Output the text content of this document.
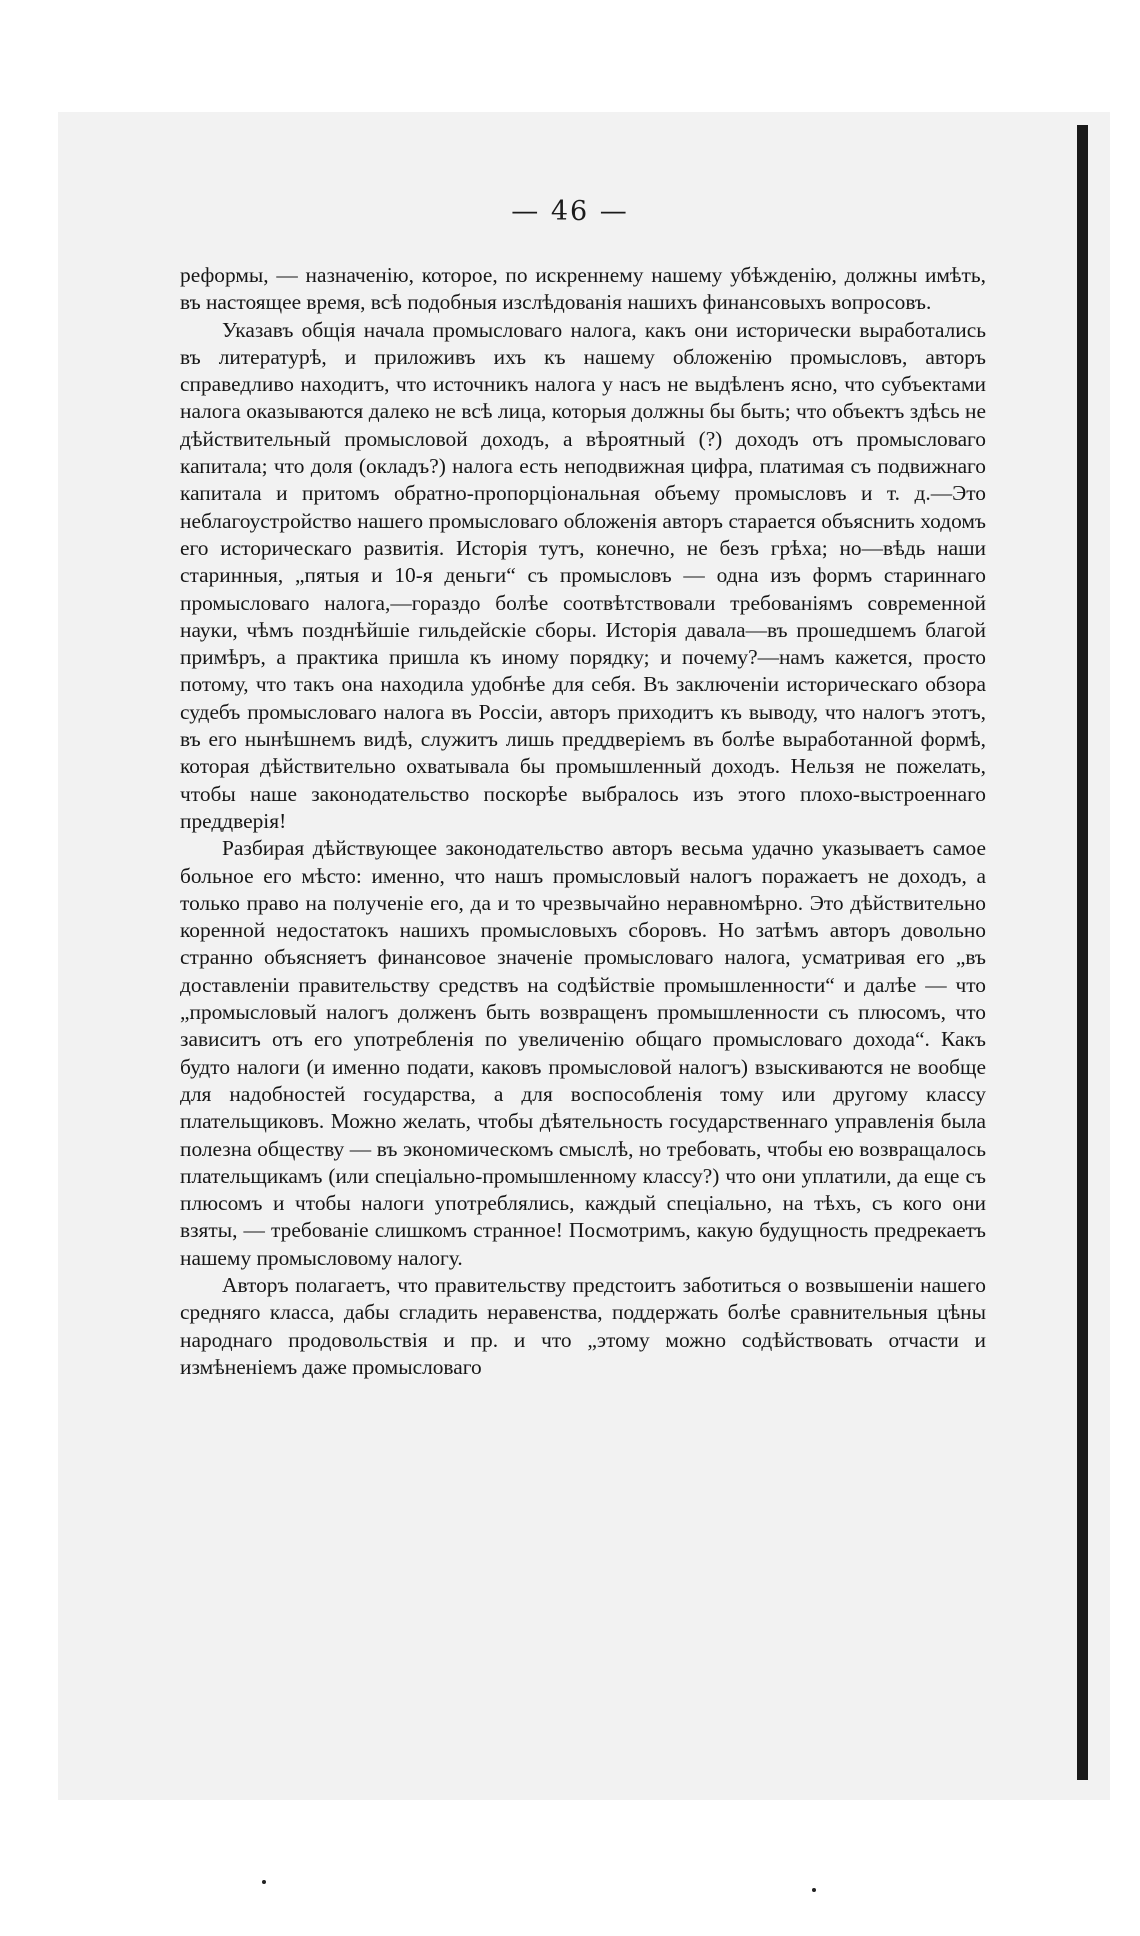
— 46 —

реформы, — назначенію, которое, по искреннему нашему убѣжденію, должны имѣть, въ настоящее время, всѣ подобныя изслѣдованія нашихъ финансовыхъ вопросовъ.

Указавъ общія начала промысловаго налога, какъ они исторически выработались въ литературѣ, и приложивъ ихъ къ нашему обложенію промысловъ, авторъ справедливо находитъ, что источникъ налога у насъ не выдѣленъ ясно, что субъектами налога оказываются далеко не всѣ лица, которыя должны бы быть; что объектъ здѣсь не дѣйствительный промысловой доходъ, а вѣроятный (?) доходъ отъ промысловаго капитала; что доля (окладъ?) налога есть неподвижная цифра, платимая съ подвижнаго капитала и притомъ обратно-пропорціональная объему промысловъ и т. д.—Это неблагоустройство нашего промысловаго обложенія авторъ старается объяснить ходомъ его историческаго развитія. Исторія тутъ, конечно, не безъ грѣха; но—вѣдь наши старинныя, „пятыя и 10-я деньги“ съ промысловъ — одна изъ формъ стариннаго промысловаго налога,—гораздо болѣе соотвѣтствовали требованіямъ современной науки, чѣмъ позднѣйшіе гильдейскіе сборы. Исторія давала—въ прошедшемъ благой примѣръ, а практика пришла къ иному порядку; и почему?—намъ кажется, просто потому, что такъ она находила удобнѣе для себя. Въ заключеніи историческаго обзора судебъ промысловаго налога въ Россіи, авторъ приходитъ къ выводу, что налогъ этотъ, въ его нынѣшнемъ видѣ, служитъ лишь преддверіемъ въ болѣе выработанной формѣ, которая дѣйствительно охватывала бы промышленный доходъ. Нельзя не пожелать, чтобы наше законодательство поскорѣе выбралось изъ этого плохо-выстроеннаго преддверія!

Разбирая дѣйствующее законодательство авторъ весьма удачно указываетъ самое больное его мѣсто: именно, что нашъ промысловый налогъ поражаетъ не доходъ, а только право на полученіе его, да и то чрезвычайно неравномѣрно. Это дѣйствительно коренной недостатокъ нашихъ промысловыхъ сборовъ. Но затѣмъ авторъ довольно странно объясняетъ финансовое значеніе промысловаго налога, усматривая его „въ доставленіи правительству средствъ на содѣйствіе промышленности“ и далѣе — что „промысловый налогъ долженъ быть возвращенъ промышленности съ плюсомъ, что зависитъ отъ его употребленія по увеличенію общаго промысловаго дохода“. Какъ будто налоги (и именно подати, каковъ промысловой налогъ) взыскиваются не вообще для надобностей государства, а для воспособленія тому или другому классу плательщиковъ. Можно желать, чтобы дѣятельность государственнаго управленія была полезна обществу — въ экономическомъ смыслѣ, но требовать, чтобы ею возвращалось плательщикамъ (или спеціально-промышленному классу?) что они уплатили, да еще съ плюсомъ и чтобы налоги употреблялись, каждый спеціально, на тѣхъ, съ кого они взяты, — требованіе слишкомъ странное! Посмотримъ, какую будущность предрекаетъ нашему промысловому налогу.

Авторъ полагаетъ, что правительству предстоитъ заботиться о возвышеніи нашего средняго класса, дабы сгладить неравенства, поддержать болѣе сравнительныя цѣны народнаго продовольствія и пр. и что „этому можно содѣйствовать отчасти и измѣненіемъ даже промысловаго
